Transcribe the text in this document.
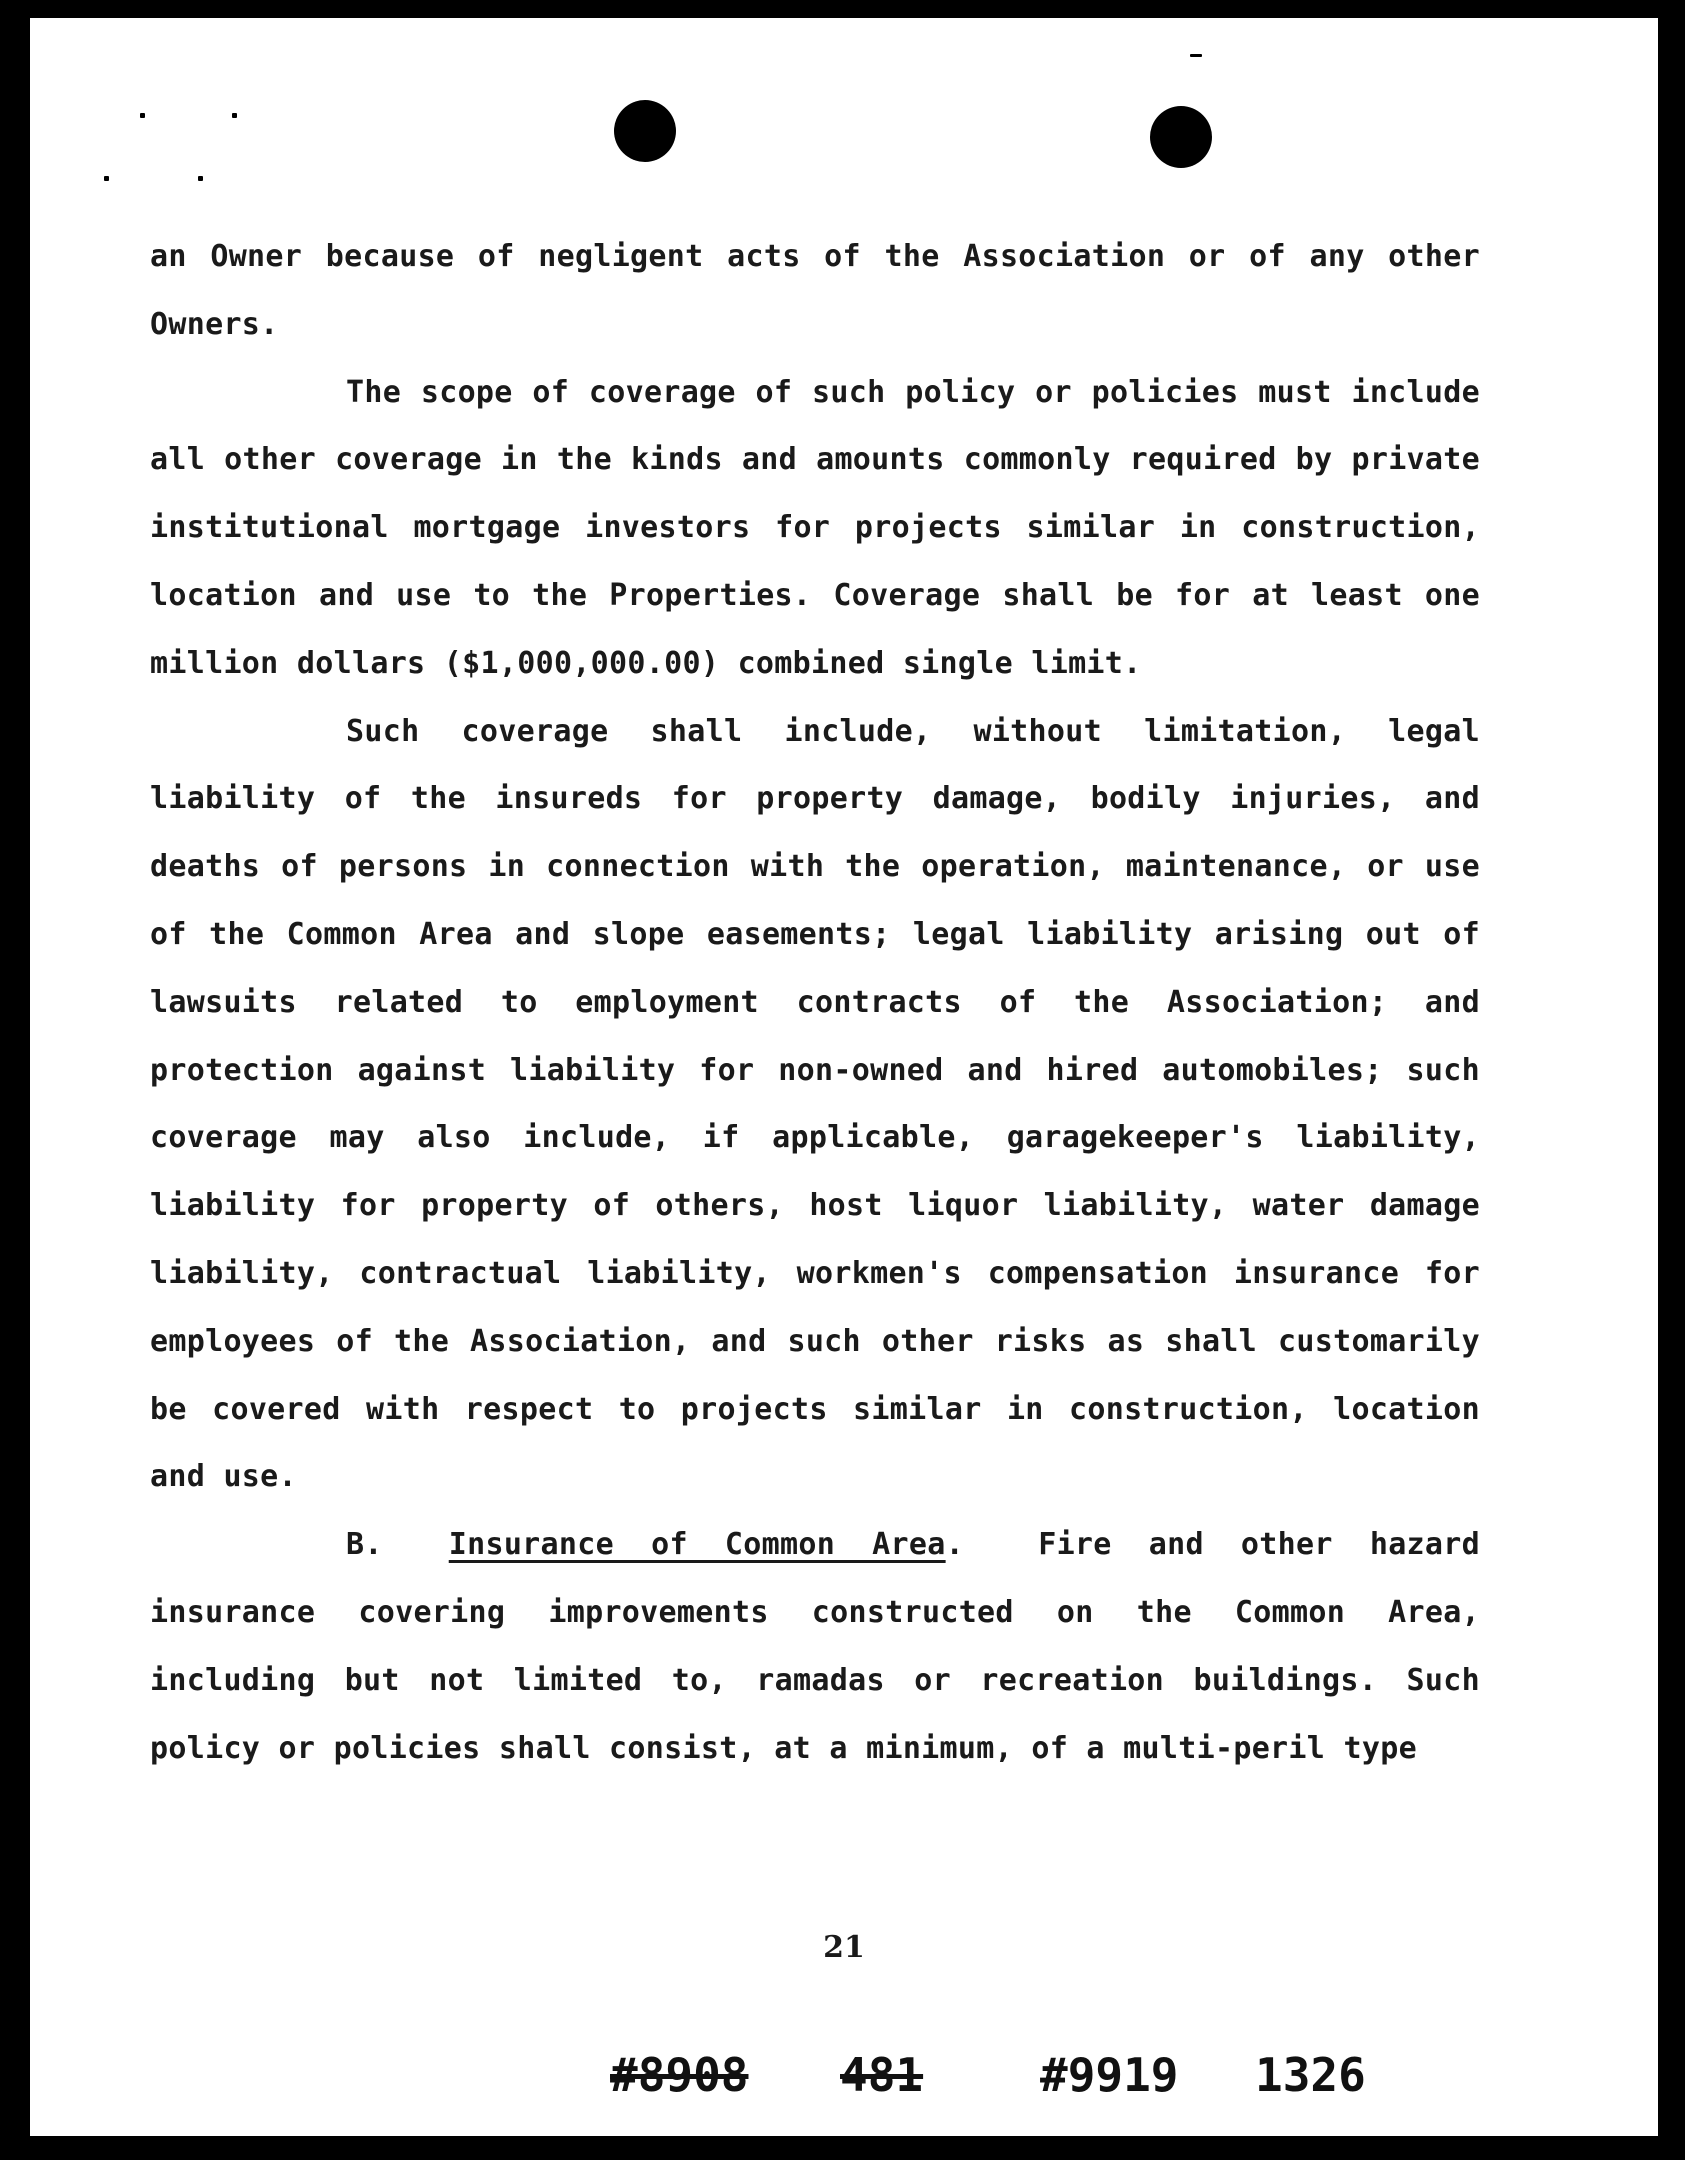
an Owner because of negligent acts of the Association or of any other Owners.

The scope of coverage of such policy or policies must include all other coverage in the kinds and amounts commonly required by private institutional mortgage investors for projects similar in construction, location and use to the Properties. Coverage shall be for at least one million dollars ($1,000,000.00) combined single limit.

Such coverage shall include, without limitation, legal liability of the insureds for property damage, bodily injuries, and deaths of persons in connection with the operation, maintenance, or use of the Common Area and slope easements; legal liability arising out of lawsuits related to employment contracts of the Association; and protection against liability for non-owned and hired automobiles; such coverage may also include, if applicable, garagekeeper's liability, liability for property of others, host liquor liability, water damage liability, contractual liability, workmen's compensation insurance for employees of the Association, and such other risks as shall customarily be covered with respect to projects similar in construction, location and use.

B. Insurance of Common Area. Fire and other hazard insurance covering improvements constructed on the Common Area, including but not limited to, ramadas or recreation buildings. Such policy or policies shall consist, at a minimum, of a multi-peril type

21
#8908 481	#9919 1326
